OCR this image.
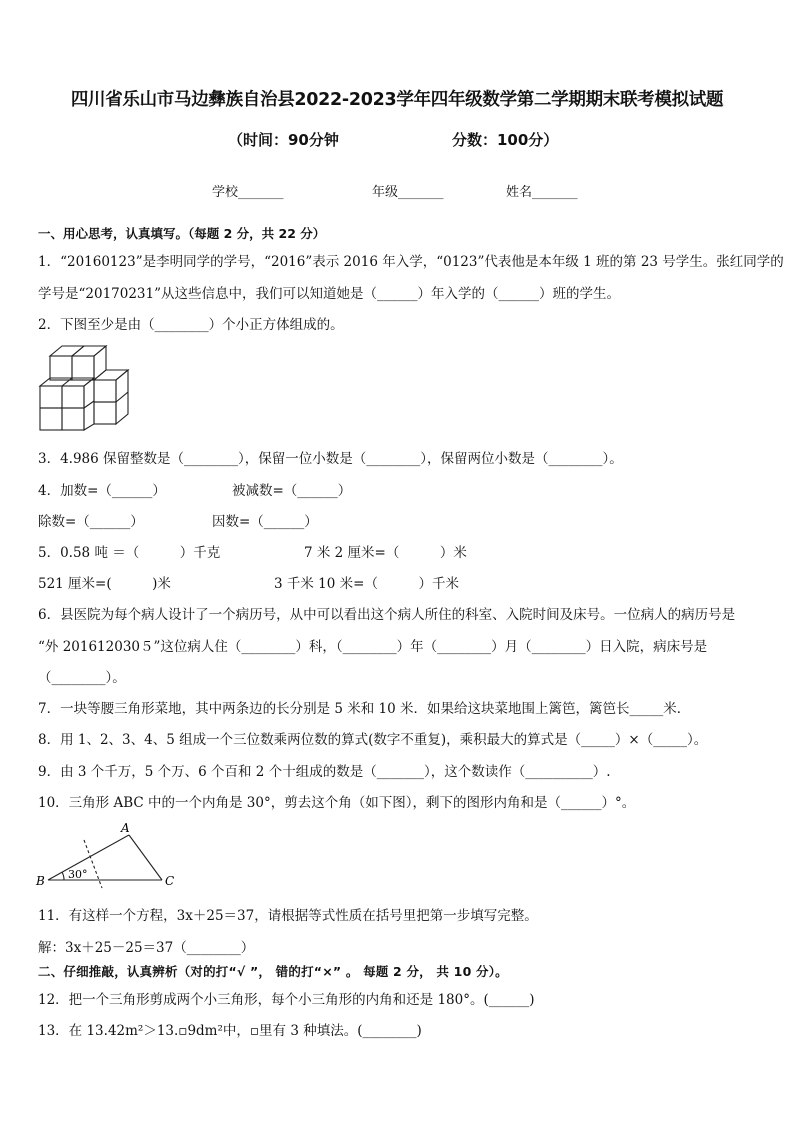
四川省乐山市马边彝族自治县2022-2023学年四年级数学第二学期期末联考模拟试题
（时间：90分钟	分数：100分）
学校_______	年级_______	姓名_______
一、用心思考，认真填写。（每题 2 分，共 22 分）
1．“20160123”是李明同学的学号，“2016”表示 2016 年入学，“0123”代表他是本年级 1 班的第 23 号学生。张红同学的
学号是“20170231”从这些信息中，我们可以知道她是（______）年入学的（______）班的学生。
2．下图至少是由（________）个小正方体组成的。
3．4.986 保留整数是（________），保留一位小数是（________），保留两位小数是（________）。
4．加数=（______）	被减数=（______）
除数=（______）	因数=（______）
5．0.58 吨 ＝（　　　）千克	7 米 2 厘米=（　　　）米
521 厘米=(　　　)米	3 千米 10 米=（　　　）千米
6．县医院为每个病人设计了一个病历号，从中可以看出这个病人所住的科室、入院时间及床号。一位病人的病历号是
“外 201612030５”这位病人住（________）科，（________）年（________）月（________）日入院，病床号是
（________）。
7．一块等腰三角形菜地，其中两条边的长分别是 5 米和 10 米．如果给这块菜地围上篱笆，篱笆长_____米．
8．用 1、2、3、4、5 组成一个三位数乘两位数的算式(数字不重复)，乘积最大的算式是（_____）×（_____）。
9．由 3 个千万，5 个万、6 个百和 2 个十组成的数是（_______），这个数读作（__________）.
10．三角形 ABC 中的一个内角是 30°，剪去这个角（如下图），剩下的图形内角和是（______）°。
A
B	C
30°
11．有这样一个方程，3x＋25＝37，请根据等式性质在括号里把第一步填写完整。
解：3x＋25－25＝37（________）
二、仔细推敲，认真辨析（对的打“√ ”， 错的打“×” 。 每题 2 分， 共 10 分）。
12．把一个三角形剪成两个小三角形，每个小三角形的内角和还是 180°。(______)
13．在 13.42m²＞13.▫9dm²中，▫里有 3 种填法。(________)
